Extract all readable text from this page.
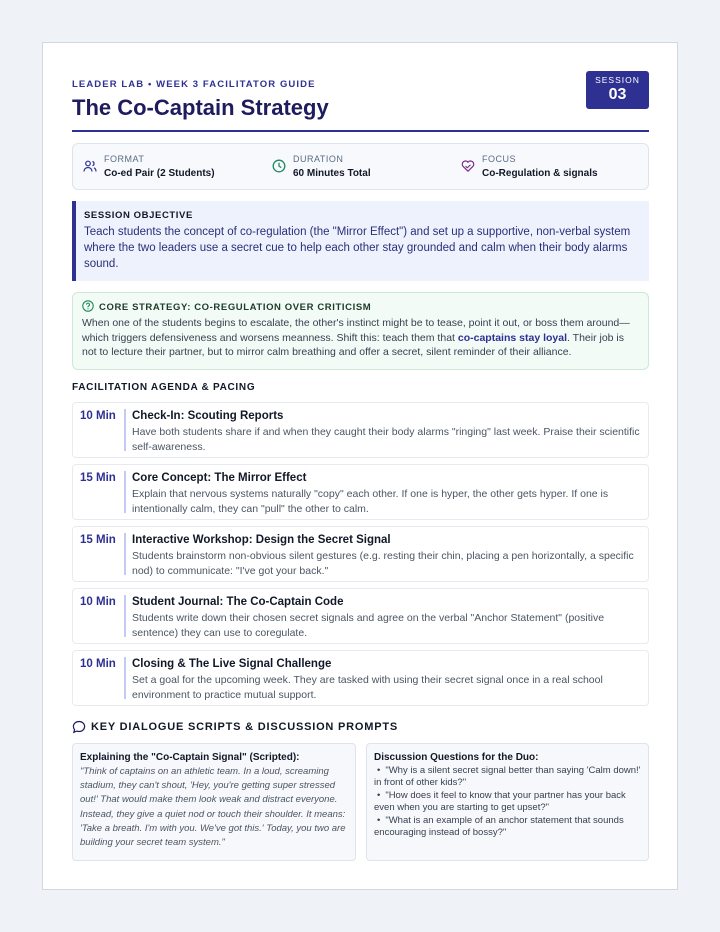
LEADER LAB • WEEK 3 FACILITATOR GUIDE
The Co-Captain Strategy
SESSION
03
FORMAT
Co-ed Pair (2 Students)
DURATION
60 Minutes Total
FOCUS
Co-Regulation & signals
SESSION OBJECTIVE
Teach students the concept of co-regulation (the "Mirror Effect") and set up a supportive, non-verbal system where the two leaders use a secret cue to help each other stay grounded and calm when their body alarms sound.
CORE STRATEGY: CO-REGULATION OVER CRITICISM
When one of the students begins to escalate, the other's instinct might be to tease, point it out, or boss them around—which triggers defensiveness and worsens meanness. Shift this: teach them that co-captains stay loyal. Their job is not to lecture their partner, but to mirror calm breathing and offer a secret, silent reminder of their alliance.
FACILITATION AGENDA & PACING
10 Min Check-In: Scouting Reports
Have both students share if and when they caught their body alarms "ringing" last week. Praise their scientific self-awareness.
15 Min Core Concept: The Mirror Effect
Explain that nervous systems naturally "copy" each other. If one is hyper, the other gets hyper. If one is intentionally calm, they can "pull" the other to calm.
15 Min Interactive Workshop: Design the Secret Signal
Students brainstorm non-obvious silent gestures (e.g. resting their chin, placing a pen horizontally, a specific nod) to communicate: "I've got your back."
10 Min Student Journal: The Co-Captain Code
Students write down their chosen secret signals and agree on the verbal "Anchor Statement" (positive sentence) they can use to coregulate.
10 Min Closing & The Live Signal Challenge
Set a goal for the upcoming week. They are tasked with using their secret signal once in a real school environment to practice mutual support.
KEY DIALOGUE SCRIPTS & DISCUSSION PROMPTS
Explaining the "Co-Captain Signal" (Scripted):
"Think of captains on an athletic team. In a loud, screaming stadium, they can't shout, 'Hey, you're getting super stressed out!' That would make them look weak and distract everyone. Instead, they give a quiet nod or touch their shoulder. It means: 'Take a breath. I'm with you. We've got this.' Today, you two are building your secret team system."
Discussion Questions for the Duo:
• "Why is a silent secret signal better than saying 'Calm down!' in front of other kids?"
• "How does it feel to know that your partner has your back even when you are starting to get upset?"
• "What is an example of an anchor statement that sounds encouraging instead of bossy?"
